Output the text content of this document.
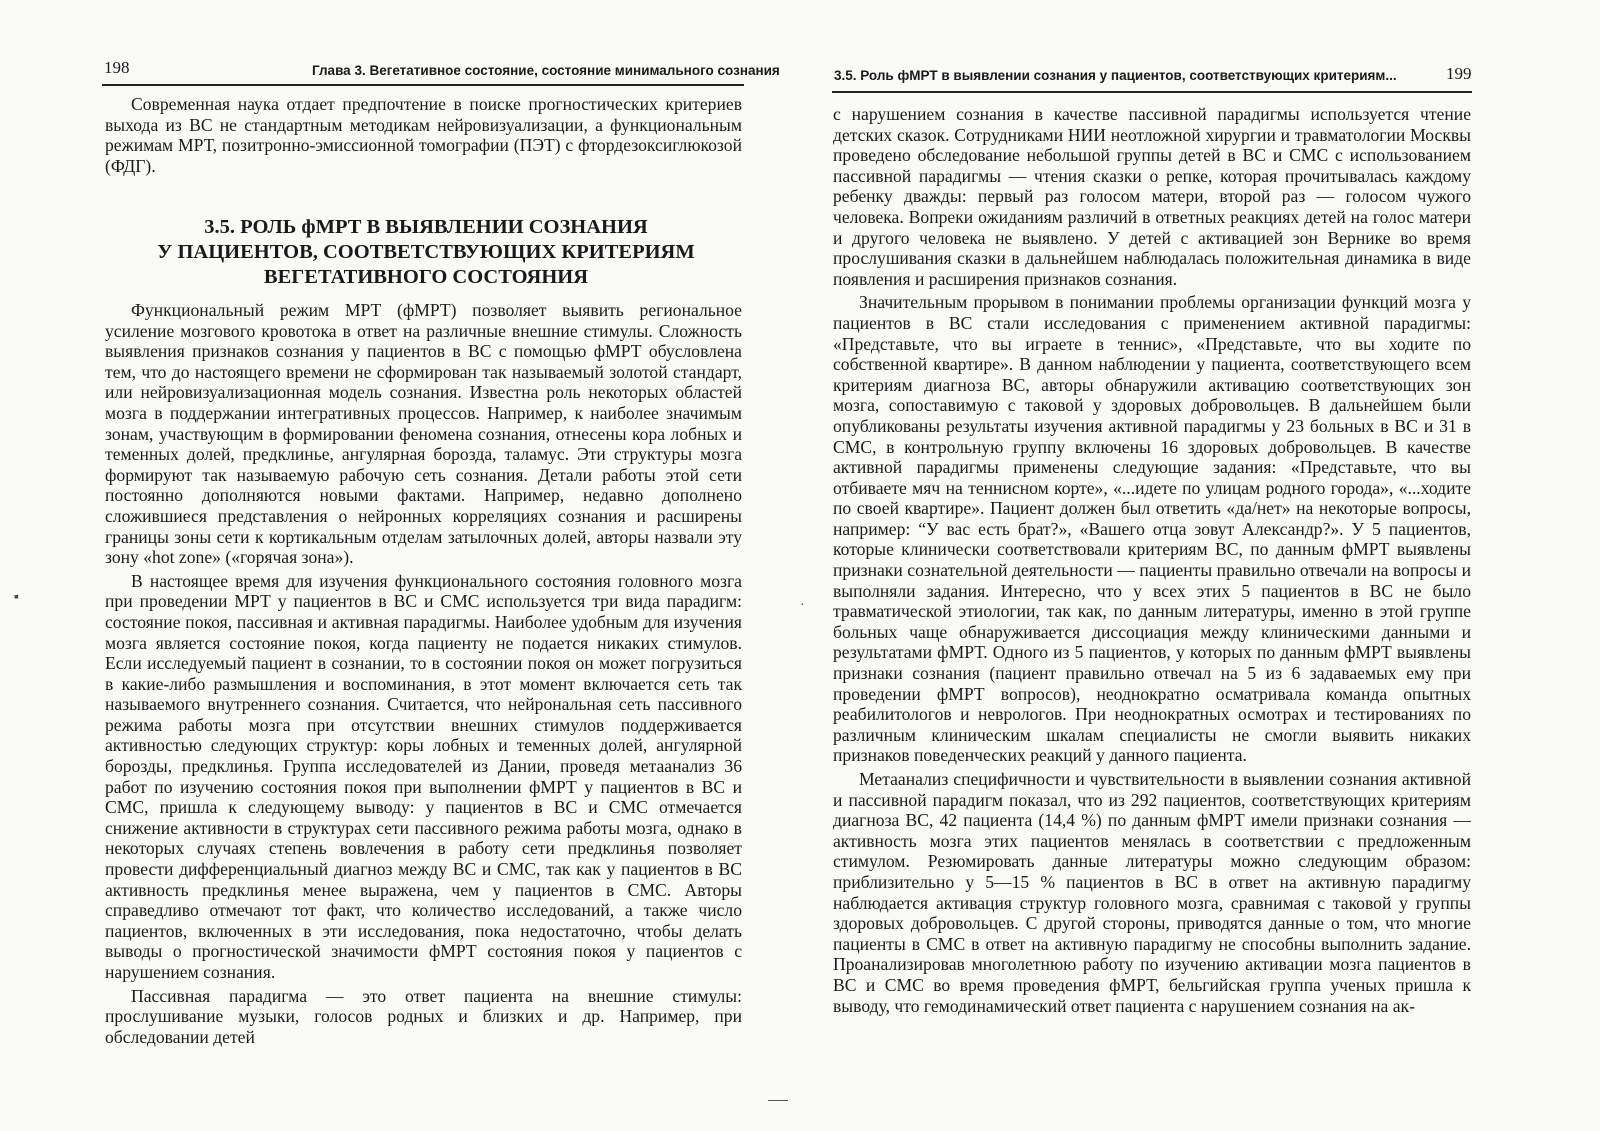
198	Глава 3. Вегетативное состояние, состояние минимального сознания

Современная наука отдает предпочтение в поиске прогностических критериев выхода из ВС не стандартным методикам нейровизуализации, а функциональным режимам МРТ, позитронно-эмиссионной томографии (ПЭТ) с фтордезоксиглюкозой (ФДГ).

3.5. РОЛЬ фМРТ В ВЫЯВЛЕНИИ СОЗНАНИЯ
У ПАЦИЕНТОВ, СООТВЕТСТВУЮЩИХ КРИТЕРИЯМ
ВЕГЕТАТИВНОГО СОСТОЯНИЯ

Функциональный режим МРТ (фМРТ) позволяет выявить региональное усиление мозгового кровотока в ответ на различные внешние стимулы. Сложность выявления признаков сознания у пациентов в ВС с помощью фМРТ обусловлена тем, что до настоящего времени не сформирован так называемый золотой стандарт, или нейровизуализационная модель сознания. Известна роль некоторых областей мозга в поддержании интегративных процессов. Например, к наиболее значимым зонам, участвующим в формировании феномена сознания, отнесены кора лобных и теменных долей, предклинье, ангулярная борозда, таламус. Эти структуры мозга формируют так называемую рабочую сеть сознания. Детали работы этой сети постоянно дополняются новыми фактами. Например, недавно дополнено сложившиеся представления о нейронных корреляциях сознания и расширены границы зоны сети к кортикальным отделам затылочных долей, авторы назвали эту зону «hot zone» («горячая зона»).

В настоящее время для изучения функционального состояния головного мозга при проведении МРТ у пациентов в ВС и СМС используется три вида парадигм: состояние покоя, пассивная и активная парадигмы. Наиболее удобным для изучения мозга является состояние покоя, когда пациенту не подается никаких стимулов. Если исследуемый пациент в сознании, то в состоянии покоя он может погрузиться в какие-либо размышления и воспоминания, в этот момент включается сеть так называемого внутреннего сознания. Считается, что нейрональная сеть пассивного режима работы мозга при отсутствии внешних стимулов поддерживается активностью следующих структур: коры лобных и теменных долей, ангулярной борозды, предклинья. Группа исследователей из Дании, проведя метаанализ 36 работ по изучению состояния покоя при выполнении фМРТ у пациентов в ВС и СМС, пришла к следующему выводу: у пациентов в ВС и СМС отмечается снижение активности в структурах сети пассивного режима работы мозга, однако в некоторых случаях степень вовлечения в работу сети предклинья позволяет провести дифференциальный диагноз между ВС и СМС, так как у пациентов в ВС активность предклинья менее выражена, чем у пациентов в СМС. Авторы справедливо отмечают тот факт, что количество исследований, а также число пациентов, включенных в эти исследования, пока недостаточно, чтобы делать выводы о прогностической значимости фМРТ состояния покоя у пациентов с нарушением сознания.

Пассивная парадигма — это ответ пациента на внешние стимулы: прослушивание музыки, голосов родных и близких и др. Например, при обследовании детей

▪
3.5. Роль фМРТ в выявлении сознания у пациентов, соответствующих критериям...	199

с нарушением сознания в качестве пассивной парадигмы используется чтение детских сказок. Сотрудниками НИИ неотложной хирургии и травматологии Москвы проведено обследование небольшой группы детей в ВС и СМС с использованием пассивной парадигмы — чтения сказки о репке, которая прочитывалась каждому ребенку дважды: первый раз голосом матери, второй раз — голосом чужого человека. Вопреки ожиданиям различий в ответных реакциях детей на голос матери и другого человека не выявлено. У детей с активацией зон Вернике во время прослушивания сказки в дальнейшем наблюдалась положительная динамика в виде появления и расширения признаков сознания.

Значительным прорывом в понимании проблемы организации функций мозга у пациентов в ВС стали исследования с применением активной парадигмы: «Представьте, что вы играете в теннис», «Представьте, что вы ходите по собственной квартире». В данном наблюдении у пациента, соответствующего всем критериям диагноза ВС, авторы обнаружили активацию соответствующих зон мозга, сопоставимую с таковой у здоровых добровольцев. В дальнейшем были опубликованы результаты изучения активной парадигмы у 23 больных в ВС и 31 в СМС, в контрольную группу включены 16 здоровых добровольцев. В качестве активной парадигмы применены следующие задания: «Представьте, что вы отбиваете мяч на теннисном корте», «...идете по улицам родного города», «...ходите по своей квартире». Пациент должен был ответить «да/нет» на некоторые вопросы, например: “У вас есть брат?», «Вашего отца зовут Александр?». У 5 пациентов, которые клинически соответствовали критериям ВС, по данным фМРТ выявлены признаки сознательной деятельности — пациенты правильно отвечали на вопросы и выполняли задания. Интересно, что у всех этих 5 пациентов в ВС не было травматической этиологии, так как, по данным литературы, именно в этой группе больных чаще обнаруживается диссоциация между клиническими данными и результатами фМРТ. Одного из 5 пациентов, у которых по данным фМРТ выявлены признаки сознания (пациент правильно отвечал на 5 из 6 задаваемых ему при проведении фМРТ вопросов), неоднократно осматривала команда опытных реабилитологов и неврологов. При неоднократных осмотрах и тестированиях по различным клиническим шкалам специалисты не смогли выявить никаких признаков поведенческих реакций у данного пациента.

Метаанализ специфичности и чувствительности в выявлении сознания активной и пассивной парадигм показал, что из 292 пациентов, соответствующих критериям диагноза ВС, 42 пациента (14,4 %) по данным фМРТ имели признаки сознания — активность мозга этих пациентов менялась в соответствии с предложенным стимулом. Резюмировать данные литературы можно следующим образом: приблизительно у 5—15 % пациентов в ВС в ответ на активную парадигму наблюдается активация структур головного мозга, сравнимая с таковой у группы здоровых добровольцев. С другой стороны, приводятся данные о том, что многие пациенты в СМС в ответ на активную парадигму не способны выполнить задание. Проанализировав многолетнюю работу по изучению активации мозга пациентов в ВС и СМС во время проведения фМРТ, бельгийская группа ученых пришла к выводу, что гемодинамический ответ пациента с нарушением сознания на ак-

·
